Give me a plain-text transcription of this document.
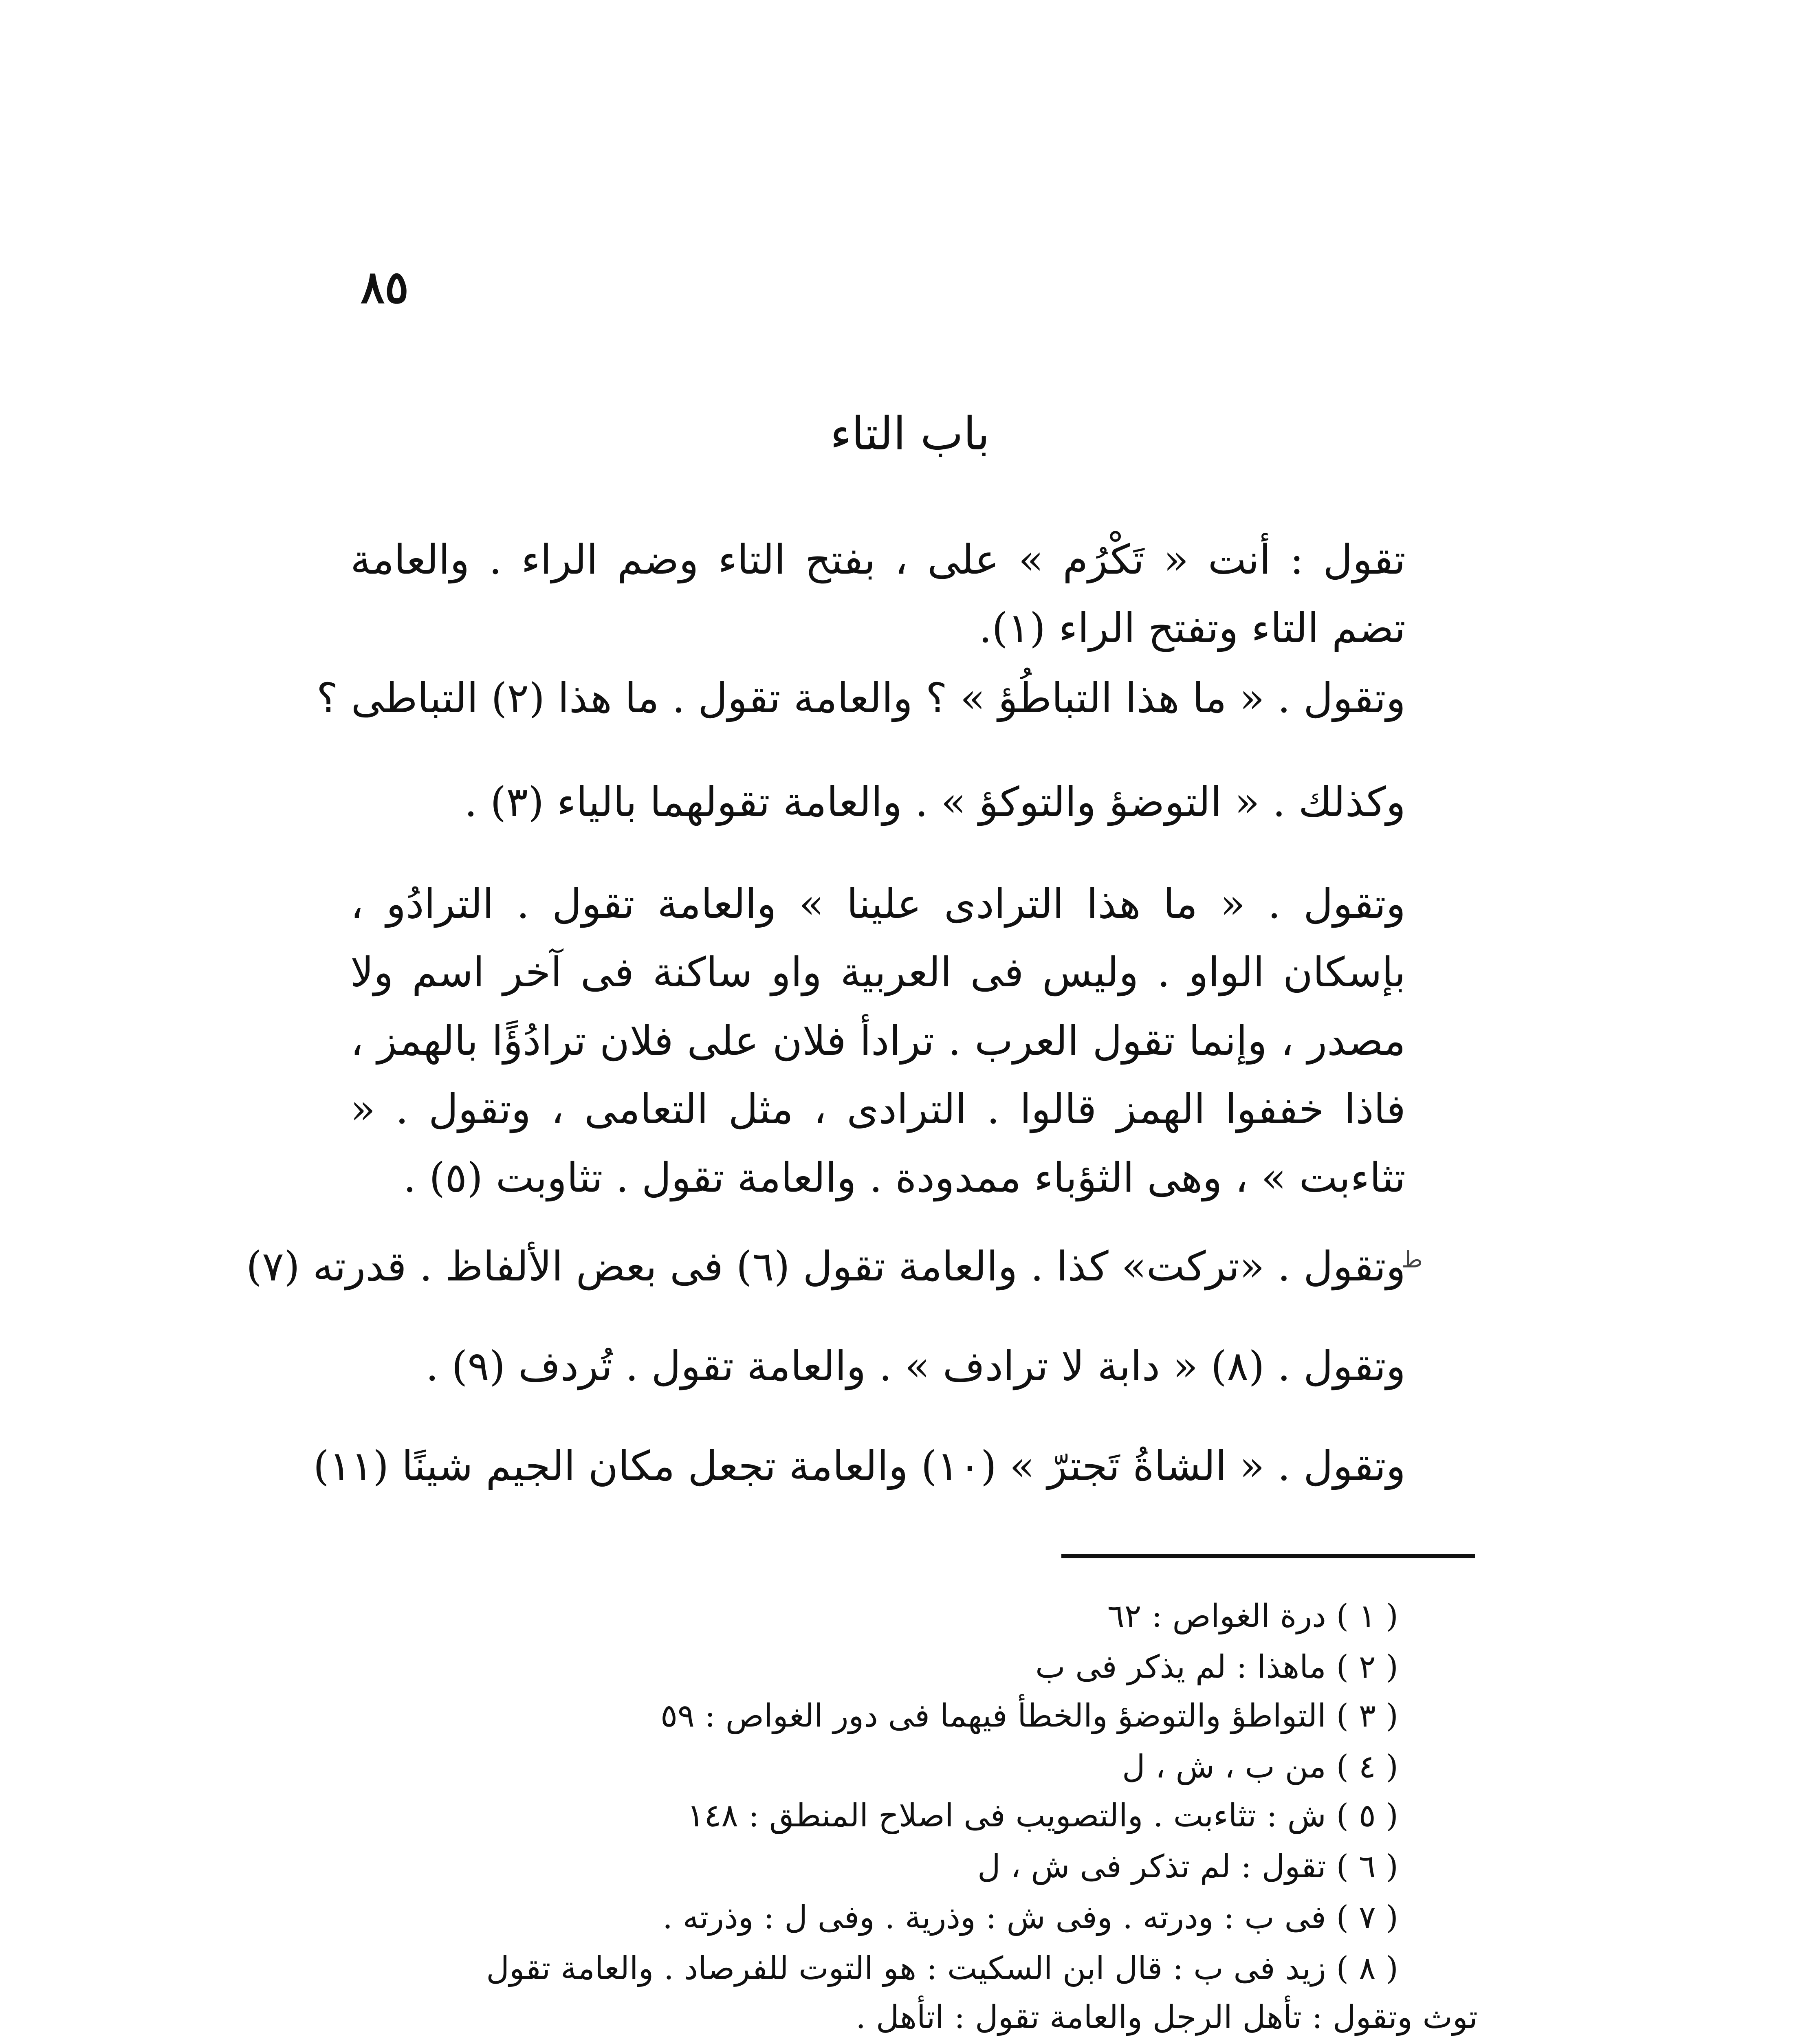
٨٥
باب التاء
تقول : أنت « تَكْرُم » على ، بفتح التاء وضم الراء . والعامة تضم التاء وتفتح الراء (١).
وتقول . « ما هذا التباطُؤ » ؟ والعامة تقول . ما هذا (٢) التباطى ؟
وكذلك . « التوضؤ والتوكؤ » . والعامة تقولهما بالياء (٣) .
وتقول . « ما هذا الترادى علينا » والعامة تقول . الترادُو ، بإسكان الواو . وليس فى العربية واو ساكنة فى آخر اسم ولا مصدر ، وإنما تقول العرب . ترادأ فلان على فلان ترادُؤًا بالهمز ، فاذا خففوا الهمز قالوا . الترادى ، مثل التعامى ، وتقول . « تثاءبت » ، وهى الثؤباء ممدودة . والعامة تقول . تثاوبت (٥) .
ط
وتقول . «تركت» كذا . والعامة تقول (٦) فى بعض الألفاظ . قدرته (٧)
وتقول . (٨) « دابة لا ترادف » . والعامة تقول . تُردف (٩) .
وتقول . « الشاةُ تَجترّ » (١٠) والعامة تجعل مكان الجيم شينًا (١١)
( ١ ) درة الغواص : ٦٢
( ٢ ) ماهذا : لم يذكر فى ب
( ٣ ) التواطؤ والتوضؤ والخطأ فيهما فى دور الغواص : ٥٩
( ٤ ) من ب ، ش ، ل
( ٥ ) ش : تثاءبت . والتصويب فى اصلاح المنطق : ١٤٨
( ٦ ) تقول : لم تذكر فى ش ، ل
( ٧ ) فى ب : ودرته . وفى ش : وذرية . وفى ل : وذرته .
( ٨ ) زيد فى ب : قال ابن السكيت : هو التوت للفرصاد . والعامة تقول
توث وتقول : تأهل الرجل والعامة تقول : اتأهل .
